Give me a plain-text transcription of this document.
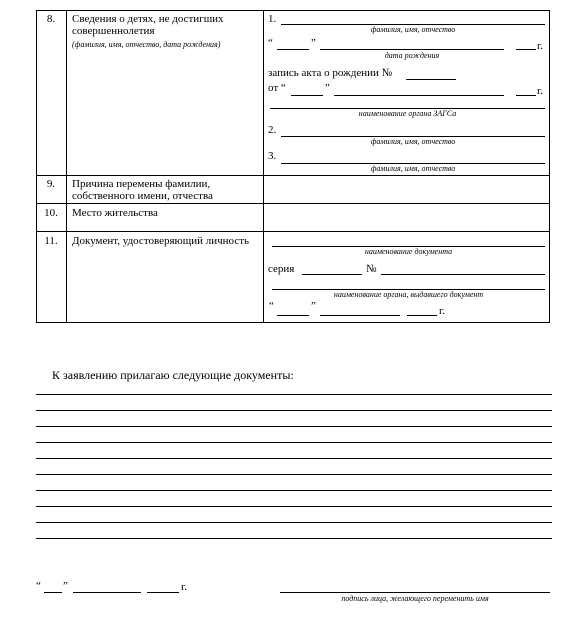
8.	Сведения о детях, не достигших
совершеннолетия
(фамилия, имя, отчество, дата рождения)
1.
фамилия, имя, отчество
“	”	г.
дата рождения
запись акта о рождении №
от “	”	г.
наименование органа ЗАГСа
2.
фамилия, имя, отчество
3.
фамилия, имя, отчество
9.	Причина перемены фамилии,
собственного имени, отчества
10.	Место жительства
11.	Документ, удостоверяющий личность
наименование документа
серия	№
наименование органа, выдавшего документ
“	”	г.
К заявлению прилагаю следующие документы:
“ ”	г.
подпись лица, желающего переменить имя
